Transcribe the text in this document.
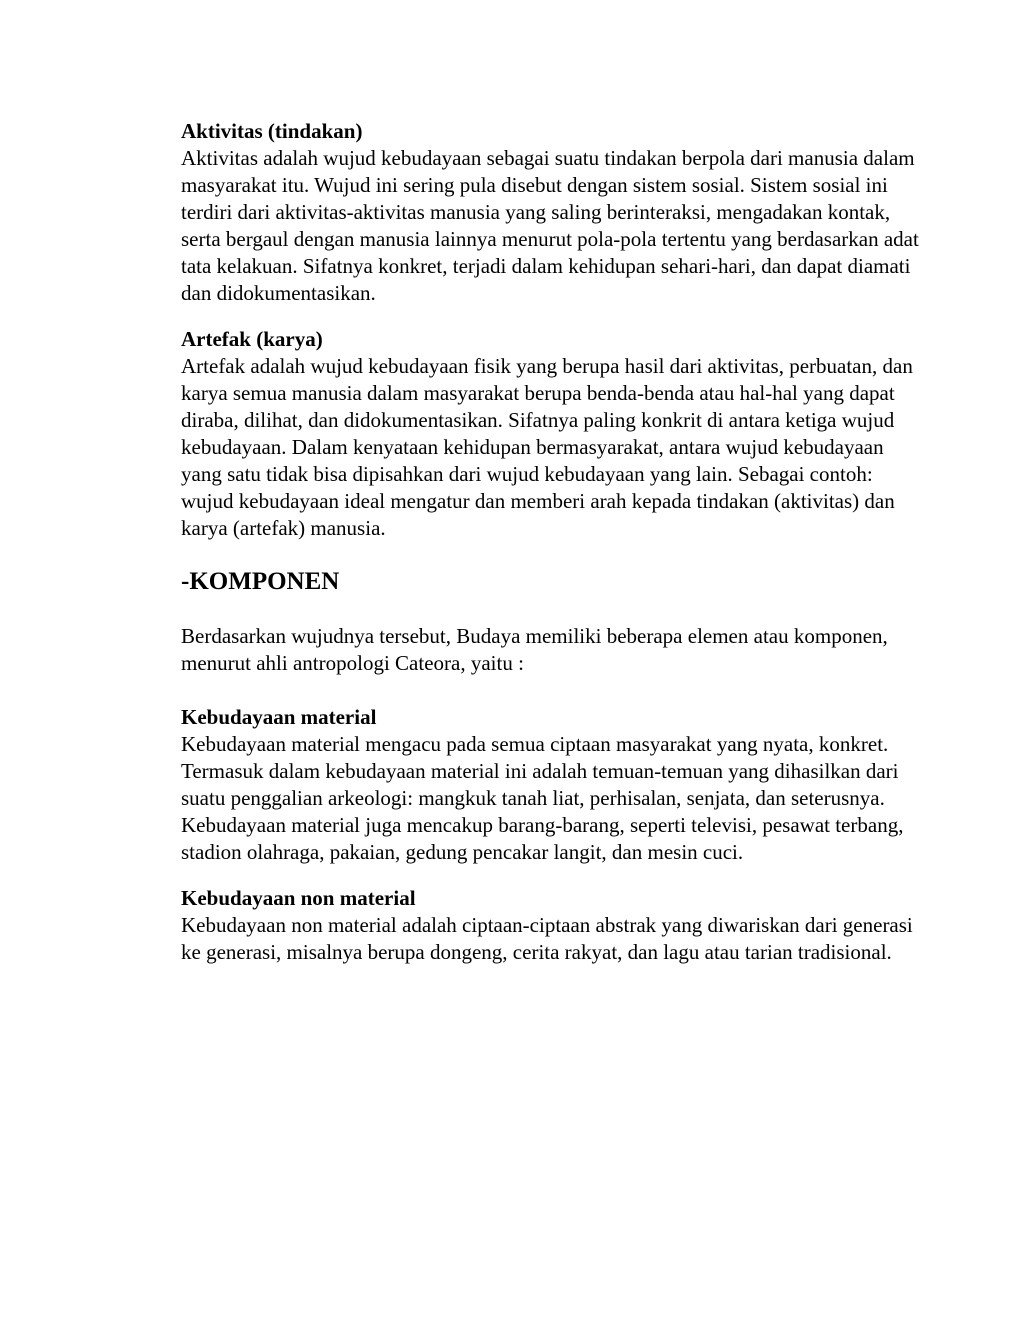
Aktivitas (tindakan)

Aktivitas adalah wujud kebudayaan sebagai suatu tindakan berpola dari manusia dalam masyarakat itu. Wujud ini sering pula disebut dengan sistem sosial. Sistem sosial ini terdiri dari aktivitas-aktivitas manusia yang saling berinteraksi, mengadakan kontak, serta bergaul dengan manusia lainnya menurut pola-pola tertentu yang berdasarkan adat tata kelakuan. Sifatnya konkret, terjadi dalam kehidupan sehari-hari, dan dapat diamati dan didokumentasikan.

Artefak (karya)

Artefak adalah wujud kebudayaan fisik yang berupa hasil dari aktivitas, perbuatan, dan karya semua manusia dalam masyarakat berupa benda-benda atau hal-hal yang dapat diraba, dilihat, dan didokumentasikan. Sifatnya paling konkrit di antara ketiga wujud kebudayaan. Dalam kenyataan kehidupan bermasyarakat, antara wujud kebudayaan yang satu tidak bisa dipisahkan dari wujud kebudayaan yang lain. Sebagai contoh: wujud kebudayaan ideal mengatur dan memberi arah kepada tindakan (aktivitas) dan karya (artefak) manusia.

-KOMPONEN

Berdasarkan wujudnya tersebut, Budaya memiliki beberapa elemen atau komponen, menurut ahli antropologi Cateora, yaitu :

Kebudayaan material

Kebudayaan material mengacu pada semua ciptaan masyarakat yang nyata, konkret. Termasuk dalam kebudayaan material ini adalah temuan-temuan yang dihasilkan dari suatu penggalian arkeologi: mangkuk tanah liat, perhisalan, senjata, dan seterusnya. Kebudayaan material juga mencakup barang-barang, seperti televisi, pesawat terbang, stadion olahraga, pakaian, gedung pencakar langit, dan mesin cuci.

Kebudayaan non material

Kebudayaan non material adalah ciptaan-ciptaan abstrak yang diwariskan dari generasi ke generasi, misalnya berupa dongeng, cerita rakyat, dan lagu atau tarian tradisional.
